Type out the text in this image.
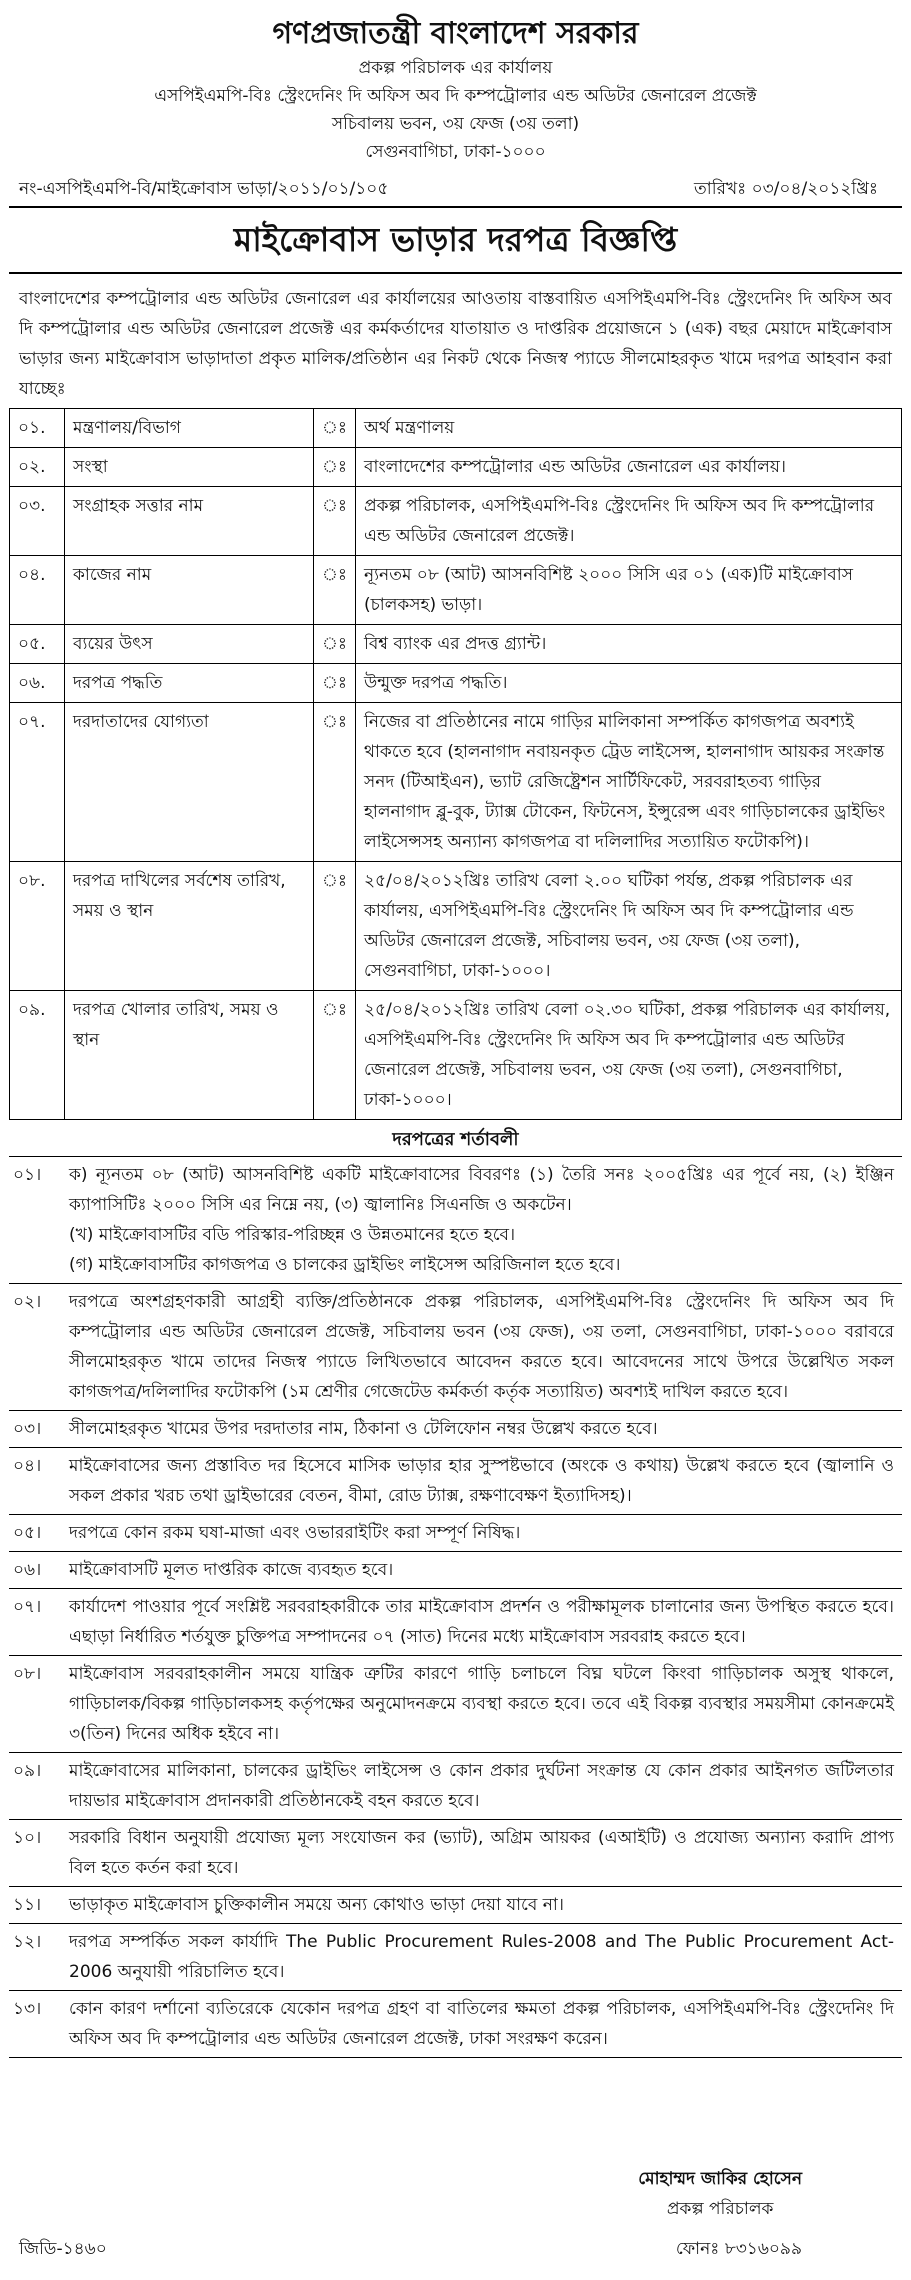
গণপ্রজাতন্ত্রী বাংলাদেশ সরকার
প্রকল্প পরিচালক এর কার্যালয়
এসপিইএমপি-বিঃ স্ট্রেংদেনিং দি অফিস অব দি কম্পট্রোলার এন্ড অডিটর জেনারেল প্রজেক্ট
সচিবালয় ভবন, ৩য় ফেজ (৩য় তলা)
সেগুনবাগিচা, ঢাকা-১০০০
নং-এসপিইএমপি-বি/মাইক্রোবাস ভাড়া/২০১১/০১/১০৫	তারিখঃ ০৩/০৪/২০১২খ্রিঃ
মাইক্রোবাস ভাড়ার দরপত্র বিজ্ঞপ্তি
বাংলাদেশের কম্পট্রোলার এন্ড অডিটর জেনারেল এর কার্যালয়ের আওতায় বাস্তবায়িত এসপিইএমপি-বিঃ স্ট্রেংদেনিং দি অফিস অব দি কম্পট্রোলার এন্ড অডিটর জেনারেল প্রজেক্ট এর কর্মকর্তাদের যাতায়াত ও দাপ্তরিক প্রয়োজনে ১ (এক) বছর মেয়াদে মাইক্রোবাস ভাড়ার জন্য মাইক্রোবাস ভাড়াদাতা প্রকৃত মালিক/প্রতিষ্ঠান এর নিকট থেকে নিজস্ব প্যাডে সীলমোহরকৃত খামে দরপত্র আহবান করা যাচ্ছেঃ
০১.	মন্ত্রণালয়/বিভাগ	ঃ	অর্থ মন্ত্রণালয়
০২.	সংস্থা	ঃ	বাংলাদেশের কম্পট্রোলার এন্ড অডিটর জেনারেল এর কার্যালয়।
০৩.	সংগ্রাহক সত্তার নাম	ঃ	প্রকল্প পরিচালক, এসপিইএমপি-বিঃ স্ট্রেংদেনিং দি অফিস অব দি কম্পট্রোলার এন্ড অডিটর জেনারেল প্রজেক্ট।
০৪.	কাজের নাম	ঃ	ন্যূনতম ০৮ (আট) আসনবিশিষ্ট ২০০০ সিসি এর ০১ (এক)টি মাইক্রোবাস (চালকসহ) ভাড়া।
০৫.	ব্যয়ের উৎস	ঃ	বিশ্ব ব্যাংক এর প্রদত্ত গ্র্যান্ট।
০৬.	দরপত্র পদ্ধতি	ঃ	উন্মুক্ত দরপত্র পদ্ধতি।
০৭.	দরদাতাদের যোগ্যতা	ঃ	নিজের বা প্রতিষ্ঠানের নামে গাড়ির মালিকানা সম্পর্কিত কাগজপত্র অবশ্যই থাকতে হবে (হালনাগাদ নবায়নকৃত ট্রেড লাইসেন্স, হালনাগাদ আয়কর সংক্রান্ত সনদ (টিআইএন), ভ্যাট রেজিষ্ট্রেশন সার্টিফিকেট, সরবরাহতব্য গাড়ির হালনাগাদ ব্লু-বুক, ট্যাক্স টোকেন, ফিটনেস, ইন্সুরেন্স এবং গাড়িচালকের ড্রাইভিং লাইসেন্সসহ অন্যান্য কাগজপত্র বা দলিলাদির সত্যায়িত ফটোকপি)।
০৮.	দরপত্র দাখিলের সর্বশেষ তারিখ, সময় ও স্থান	ঃ	২৫/০৪/২০১২খ্রিঃ তারিখ বেলা ২.০০ ঘটিকা পর্যন্ত, প্রকল্প পরিচালক এর কার্যালয়, এসপিইএমপি-বিঃ স্ট্রেংদেনিং দি অফিস অব দি কম্পট্রোলার এন্ড অডিটর জেনারেল প্রজেক্ট, সচিবালয় ভবন, ৩য় ফেজ (৩য় তলা), সেগুনবাগিচা, ঢাকা-১০০০।
০৯.	দরপত্র খোলার তারিখ, সময় ও স্থান	ঃ	২৫/০৪/২০১২খ্রিঃ তারিখ বেলা ০২.৩০ ঘটিকা, প্রকল্প পরিচালক এর কার্যালয়, এসপিইএমপি-বিঃ স্ট্রেংদেনিং দি অফিস অব দি কম্পট্রোলার এন্ড অডিটর জেনারেল প্রজেক্ট, সচিবালয় ভবন, ৩য় ফেজ (৩য় তলা), সেগুনবাগিচা, ঢাকা-১০০০।
দরপত্রের শর্তাবলী
০১।	ক) ন্যূনতম ০৮ (আট) আসনবিশিষ্ট একটি মাইক্রোবাসের বিবরণঃ (১) তৈরি সনঃ ২০০৫খ্রিঃ এর পূর্বে নয়, (২) ইঞ্জিন ক্যাপাসিটিঃ ২০০০ সিসি এর নিম্নে নয়, (৩) জ্বালানিঃ সিএনজি ও অকটেন।
(খ) মাইক্রোবাসটির বডি পরিস্কার-পরিচ্ছন্ন ও উন্নতমানের হতে হবে।
(গ) মাইক্রোবাসটির কাগজপত্র ও চালকের ড্রাইভিং লাইসেন্স অরিজিনাল হতে হবে।
০২।	দরপত্রে অংশগ্রহণকারী আগ্রহী ব্যক্তি/প্রতিষ্ঠানকে প্রকল্প পরিচালক, এসপিইএমপি-বিঃ স্ট্রেংদেনিং দি অফিস অব দি কম্পট্রোলার এন্ড অডিটর জেনারেল প্রজেক্ট, সচিবালয় ভবন (৩য় ফেজ), ৩য় তলা, সেগুনবাগিচা, ঢাকা-১০০০ বরাবরে সীলমোহরকৃত খামে তাদের নিজস্ব প্যাডে লিখিতভাবে আবেদন করতে হবে। আবেদনের সাথে উপরে উল্লেখিত সকল কাগজপত্র/দলিলাদির ফটোকপি (১ম শ্রেণীর গেজেটেড কর্মকর্তা কর্তৃক সত্যায়িত) অবশ্যই দাখিল করতে হবে।
০৩।	সীলমোহরকৃত খামের উপর দরদাতার নাম, ঠিকানা ও টেলিফোন নম্বর উল্লেখ করতে হবে।
০৪।	মাইক্রোবাসের জন্য প্রস্তাবিত দর হিসেবে মাসিক ভাড়ার হার সুস্পষ্টভাবে (অংকে ও কথায়) উল্লেখ করতে হবে (জ্বালানি ও সকল প্রকার খরচ তথা ড্রাইভারের বেতন, বীমা, রোড ট্যাক্স, রক্ষণাবেক্ষণ ইত্যাদিসহ)।
০৫।	দরপত্রে কোন রকম ঘষা-মাজা এবং ওভাররাইটিং করা সম্পূর্ণ নিষিদ্ধ।
০৬।	মাইক্রোবাসটি মূলত দাপ্তরিক কাজে ব্যবহৃত হবে।
০৭।	কার্যাদেশ পাওয়ার পূর্বে সংশ্লিষ্ট সরবরাহকারীকে তার মাইক্রোবাস প্রদর্শন ও পরীক্ষামূলক চালানোর জন্য উপস্থিত করতে হবে। এছাড়া নির্ধারিত শর্তযুক্ত চুক্তিপত্র সম্পাদনের ০৭ (সাত) দিনের মধ্যে মাইক্রোবাস সরবরাহ করতে হবে।
০৮।	মাইক্রোবাস সরবরাহকালীন সময়ে যান্ত্রিক ত্রুটির কারণে গাড়ি চলাচলে বিঘ্ন ঘটলে কিংবা গাড়িচালক অসুস্থ থাকলে, গাড়িচালক/বিকল্প গাড়িচালকসহ কর্তৃপক্ষের অনুমোদনক্রমে ব্যবস্থা করতে হবে। তবে এই বিকল্প ব্যবস্থার সময়সীমা কোনক্রমেই ৩(তিন) দিনের অধিক হইবে না।
০৯।	মাইক্রোবাসের মালিকানা, চালকের ড্রাইভিং লাইসেন্স ও কোন প্রকার দুর্ঘটনা সংক্রান্ত যে কোন প্রকার আইনগত জটিলতার দায়ভার মাইক্রোবাস প্রদানকারী প্রতিষ্ঠানকেই বহন করতে হবে।
১০।	সরকারি বিধান অনুযায়ী প্রযোজ্য মূল্য সংযোজন কর (ভ্যাট), অগ্রিম আয়কর (এআইটি) ও প্রযোজ্য অন্যান্য করাদি প্রাপ্য বিল হতে কর্তন করা হবে।
১১।	ভাড়াকৃত মাইক্রোবাস চুক্তিকালীন সময়ে অন্য কোথাও ভাড়া দেয়া যাবে না।
১২।	দরপত্র সম্পর্কিত সকল কার্যাদি The Public Procurement Rules-2008 and The Public Procurement Act-2006 অনুযায়ী পরিচালিত হবে।
১৩।	কোন কারণ দর্শানো ব্যতিরেকে যেকোন দরপত্র গ্রহণ বা বাতিলের ক্ষমতা প্রকল্প পরিচালক, এসপিইএমপি-বিঃ স্ট্রেংদেনিং দি অফিস অব দি কম্পট্রোলার এন্ড অডিটর জেনারেল প্রজেক্ট, ঢাকা সংরক্ষণ করেন।
মোহাম্মদ জাকির হোসেন
প্রকল্প পরিচালক
জিডি-১৪৬০	ফোনঃ ৮৩১৬০৯৯
